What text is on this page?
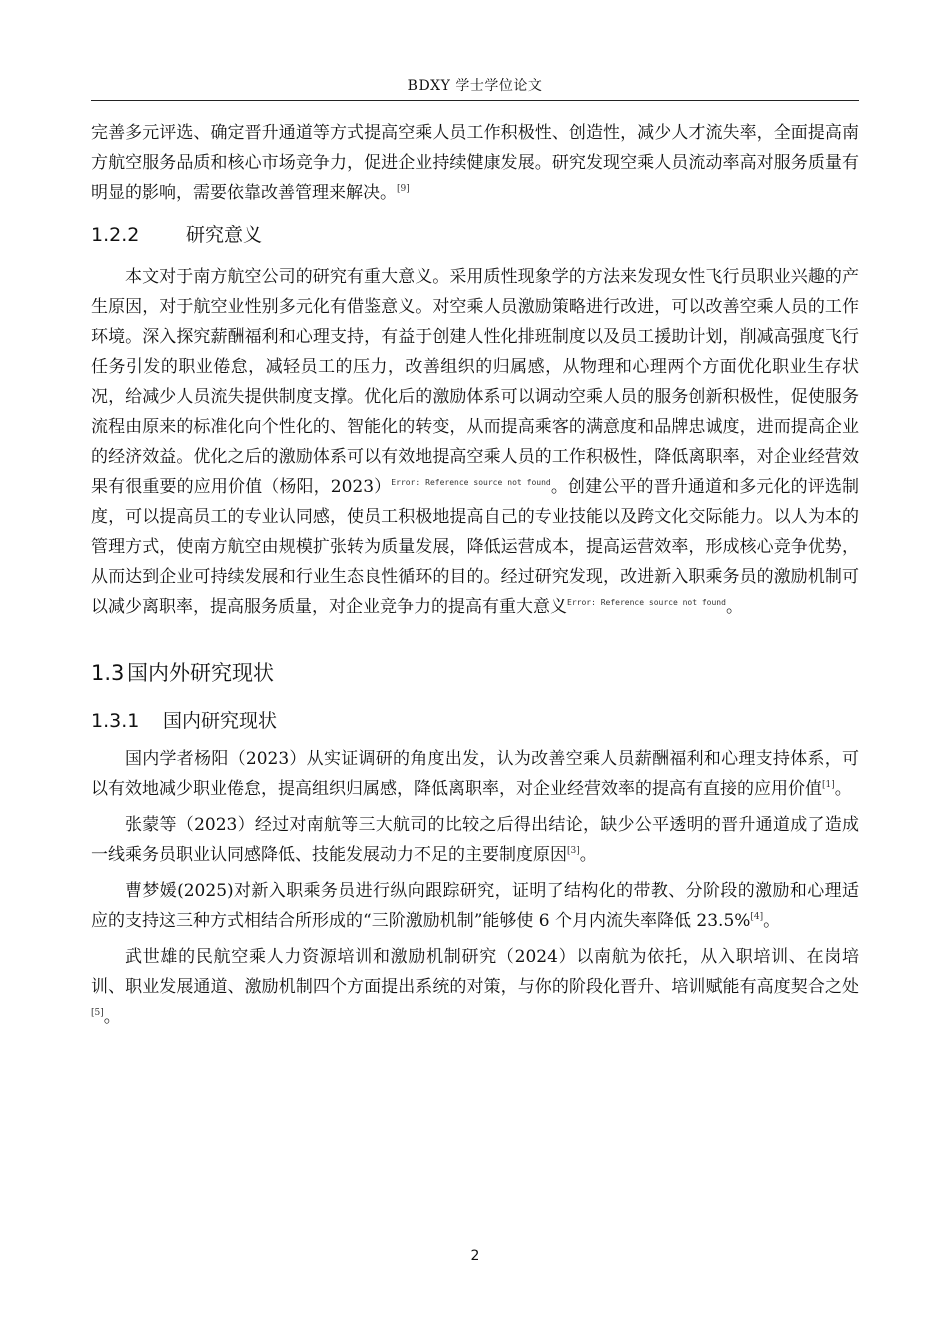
BDXY 学士学位论文

完善多元评选、确定晋升通道等方式提高空乘人员工作积极性、创造性，减少人才流失率，全面提高南方航空服务品质和核心市场竞争力，促进企业持续健康发展。研究发现空乘人员流动率高对服务质量有明显的影响，需要依靠改善管理来解决。[9]

1.2.2 研究意义

本文对于南方航空公司的研究有重大意义。采用质性现象学的方法来发现女性飞行员职业兴趣的产生原因，对于航空业性别多元化有借鉴意义。对空乘人员激励策略进行改进，可以改善空乘人员的工作环境。深入探究薪酬福利和心理支持，有益于创建人性化排班制度以及员工援助计划，削减高强度飞行任务引发的职业倦怠，减轻员工的压力，改善组织的归属感，从物理和心理两个方面优化职业生存状况，给减少人员流失提供制度支撑。优化后的激励体系可以调动空乘人员的服务创新积极性，促使服务流程由原来的标准化向个性化的、智能化的转变，从而提高乘客的满意度和品牌忠诚度，进而提高企业的经济效益。优化之后的激励体系可以有效地提高空乘人员的工作积极性，降低离职率，对企业经营效果有很重要的应用价值（杨阳，2023）$^{Error: Reference source not found}$。创建公平的晋升通道和多元化的评选制度，可以提高员工的专业认同感，使员工积极地提高自己的专业技能以及跨文化交际能力。以人为本的管理方式，使南方航空由规模扩张转为质量发展，降低运营成本，提高运营效率，形成核心竞争优势，从而达到企业可持续发展和行业生态良性循环的目的。经过研究发现，改进新入职乘务员的激励机制可以减少离职率，提高服务质量，对企业竞争力的提高有重大意义$^{Error: Reference source not found}$。

1.3 国内外研究现状
1.3.1 国内研究现状

国内学者杨阳（2023）从实证调研的角度出发，认为改善空乘人员薪酬福利和心理支持体系，可以有效地减少职业倦怠，提高组织归属感，降低离职率，对企业经营效率的提高有直接的应用价值[1]。

张蒙等（2023）经过对南航等三大航司的比较之后得出结论，缺少公平透明的晋升通道成了造成一线乘务员职业认同感降低、技能发展动力不足的主要制度原因[3]。

曹梦媛(2025)对新入职乘务员进行纵向跟踪研究，证明了结构化的带教、分阶段的激励和心理适应的支持这三种方式相结合所形成的“三阶激励机制”能够使 6 个月内流失率降低 23.5%[4]。

武世雄的民航空乘人力资源培训和激励机制研究（2024）以南航为依托，从入职培训、在岗培训、职业发展通道、激励机制四个方面提出系统的对策，与你的阶段化晋升、培训赋能有高度契合之处[5]。

2
